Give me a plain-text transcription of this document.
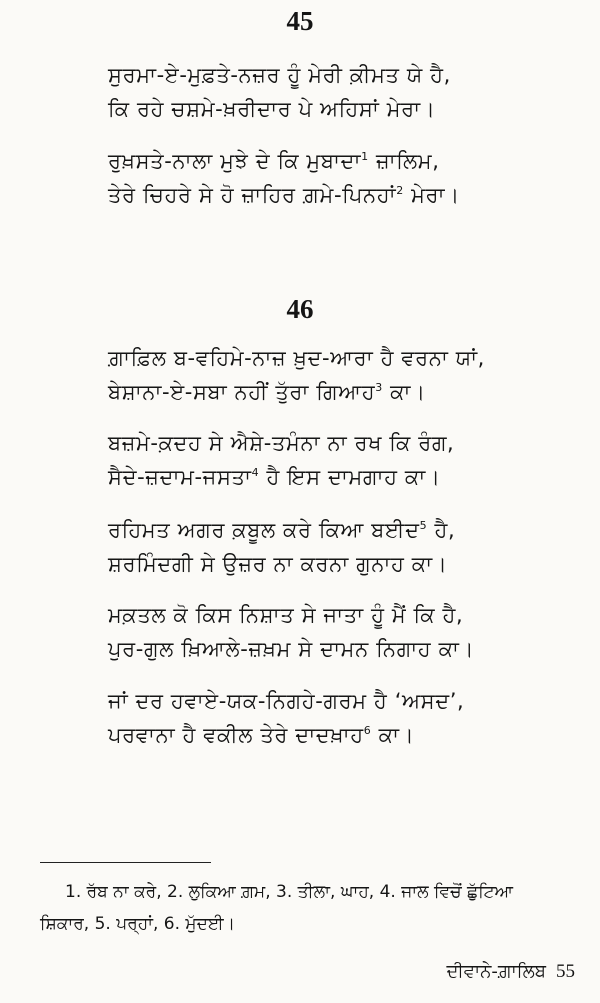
45
ਸੁਰਮਾ-ਏ-ਮੁਫ਼ਤੇ-ਨਜ਼ਰ ਹੂੰ ਮੇਰੀ ਕ਼ੀਮਤ ਯੇ ਹੈ,
ਕਿ ਰਹੇ ਚਸ਼ਮੇ-ਖ਼ਰੀਦਾਰ ਪੇ ਅਹਿਸਾਂ ਮੇਰਾ।
ਰੁਖ਼ਸਤੇ-ਨਾਲਾ ਮੁਝੇ ਦੇ ਕਿ ਮੁਬਾਦਾ$^1$ ਜ਼ਾਲਿਮ,
ਤੇਰੇ ਚਿਹਰੇ ਸੇ ਹੋ ਜ਼ਾਹਿਰ ਗ਼ਮੇ-ਪਿਨਹਾਂ$^2$ ਮੇਰਾ।
46
ਗ਼ਾਫ਼ਿਲ ਬ-ਵਹਿਮੇ-ਨਾਜ਼ ਖ਼ੁਦ-ਆਰਾ ਹੈ ਵਰਨਾ ਯਾਂ,
ਬੇਸ਼ਾਨਾ-ਏ-ਸਬਾ ਨਹੀਂ ਤੁੱਰਾ ਗਿਆਹ$^3$ ਕਾ।
ਬਜ਼ਮੇ-ਕ਼ਦਹ ਸੇ ਐਸ਼ੇ-ਤਮੰਨਾ ਨਾ ਰਖ ਕਿ ਰੰਗ,
ਸੈਦੇ-ਜ਼ਦਾਮ-ਜਸਤਾ$^4$ ਹੈ ਇਸ ਦਾਮਗਾਹ ਕਾ।
ਰਹਿਮਤ ਅਗਰ ਕ਼ਬੂਲ ਕਰੇ ਕਿਆ ਬਈਦ$^5$ ਹੈ,
ਸ਼ਰਮਿੰਦਗੀ ਸੇ ਉਜ਼ਰ ਨਾ ਕਰਨਾ ਗੁਨਾਹ ਕਾ।
ਮਕ਼ਤਲ ਕੋ ਕਿਸ ਨਿਸ਼ਾਤ ਸੇ ਜਾਤਾ ਹੂੰ ਮੈਂ ਕਿ ਹੈ,
ਪੁਰ-ਗੁਲ ਖ਼ਿਆਲੇ-ਜ਼ਖ਼ਮ ਸੇ ਦਾਮਨ ਨਿਗਾਹ ਕਾ।
ਜਾਂ ਦਰ ਹਵਾਏ-ਯਕ-ਨਿਗਹੇ-ਗਰਮ ਹੈ ‘ਅਸਦ’,
ਪਰਵਾਨਾ ਹੈ ਵਕੀਲ ਤੇਰੇ ਦਾਦਖ਼ਾਹ$^6$ ਕਾ।
1. ਰੱਬ ਨਾ ਕਰੇ, 2. ਲੁਕਿਆ ਗ਼ਮ, 3. ਤੀਲਾ, ਘਾਹ, 4. ਜਾਲ ਵਿਚੋਂ ਛੁੱਟਿਆ
ਸ਼ਿਕਾਰ, 5. ਪਰ੍ਹਾਂ, 6. ਮੁੱਦਈ।
ਦੀਵਾਨੇ-ਗ਼ਾਲਿਬ 55
